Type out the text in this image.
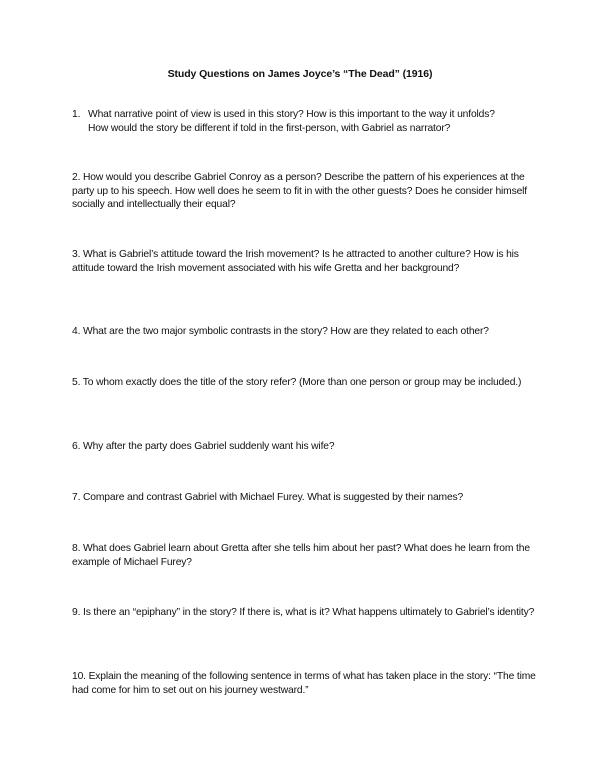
Study Questions on James Joyce’s “The Dead” (1916)
1. What narrative point of view is used in this story? How is this important to the way it unfolds?
How would the story be different if told in the first-person, with Gabriel as narrator?

2. How would you describe Gabriel Conroy as a person? Describe the pattern of his experiences at the party up to his speech. How well does he seem to fit in with the other guests? Does he consider himself socially and intellectually their equal?

3. What is Gabriel’s attitude toward the Irish movement? Is he attracted to another culture? How is his attitude toward the Irish movement associated with his wife Gretta and her background?

4. What are the two major symbolic contrasts in the story? How are they related to each other?

5. To whom exactly does the title of the story refer? (More than one person or group may be included.)

6. Why after the party does Gabriel suddenly want his wife?

7. Compare and contrast Gabriel with Michael Furey. What is suggested by their names?

8. What does Gabriel learn about Gretta after she tells him about her past? What does he learn from the example of Michael Furey?

9. Is there an “epiphany” in the story? If there is, what is it? What happens ultimately to Gabriel’s identity?

10. Explain the meaning of the following sentence in terms of what has taken place in the story: “The time had come for him to set out on his journey westward.”
